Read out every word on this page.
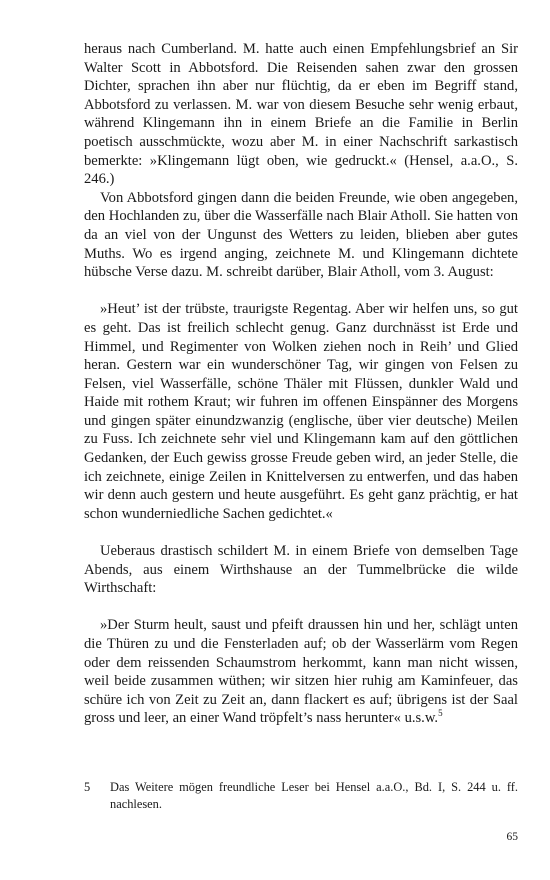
heraus nach Cumberland. M. hatte auch einen Empfehlungsbrief an Sir Walter Scott in Abbotsford. Die Reisenden sahen zwar den grossen Dichter, sprachen ihn aber nur flüchtig, da er eben im Begriff stand, Abbotsford zu verlassen. M. war von diesem Besuche sehr wenig erbaut, während Klingemann ihn in einem Briefe an die Familie in Berlin poetisch ausschmückte, wozu aber M. in einer Nachschrift sarkastisch bemerkte: »Klingemann lügt oben, wie gedruckt.« (Hensel, a.a.O., S. 246.)

Von Abbotsford gingen dann die beiden Freunde, wie oben angegeben, den Hochlanden zu, über die Wasserfälle nach Blair Atholl. Sie hatten von da an viel von der Ungunst des Wetters zu leiden, blieben aber gutes Muths. Wo es irgend anging, zeichnete M. und Klingemann dichtete hübsche Verse dazu. M. schreibt darüber, Blair Atholl, vom 3. August:

»Heut’ ist der trübste, traurigste Regentag. Aber wir helfen uns, so gut es geht. Das ist freilich schlecht genug. Ganz durchnässt ist Erde und Himmel, und Regimenter von Wolken ziehen noch in Reih’ und Glied heran. Gestern war ein wunderschöner Tag, wir gingen von Felsen zu Felsen, viel Wasserfälle, schöne Thäler mit Flüssen, dunkler Wald und Haide mit rothem Kraut; wir fuhren im offenen Einspänner des Morgens und gingen später einundzwanzig (englische, über vier deutsche) Meilen zu Fuss. Ich zeichnete sehr viel und Klingemann kam auf den göttlichen Gedanken, der Euch gewiss grosse Freude geben wird, an jeder Stelle, die ich zeichnete, einige Zeilen in Knittelversen zu entwerfen, und das haben wir denn auch gestern und heute ausgeführt. Es geht ganz prächtig, er hat schon wunderniedliche Sachen gedichtet.«

Ueberaus drastisch schildert M. in einem Briefe von demselben Tage Abends, aus einem Wirthshause an der Tummelbrücke die wilde Wirthschaft:

»Der Sturm heult, saust und pfeift draussen hin und her, schlägt unten die Thüren zu und die Fensterladen auf; ob der Wasserlärm vom Regen oder dem reissenden Schaumstrom herkommt, kann man nicht wissen, weil beide zusammen wüthen; wir sitzen hier ruhig am Kaminfeuer, das schüre ich von Zeit zu Zeit an, dann flackert es auf; übrigens ist der Saal gross und leer, an einer Wand tröpfelt’s nass herunter« u.s.w.$^5$

5	Das Weitere mögen freundliche Leser bei Hensel a.a.O., Bd. I, S. 244 u. ff. nachlesen.
65
